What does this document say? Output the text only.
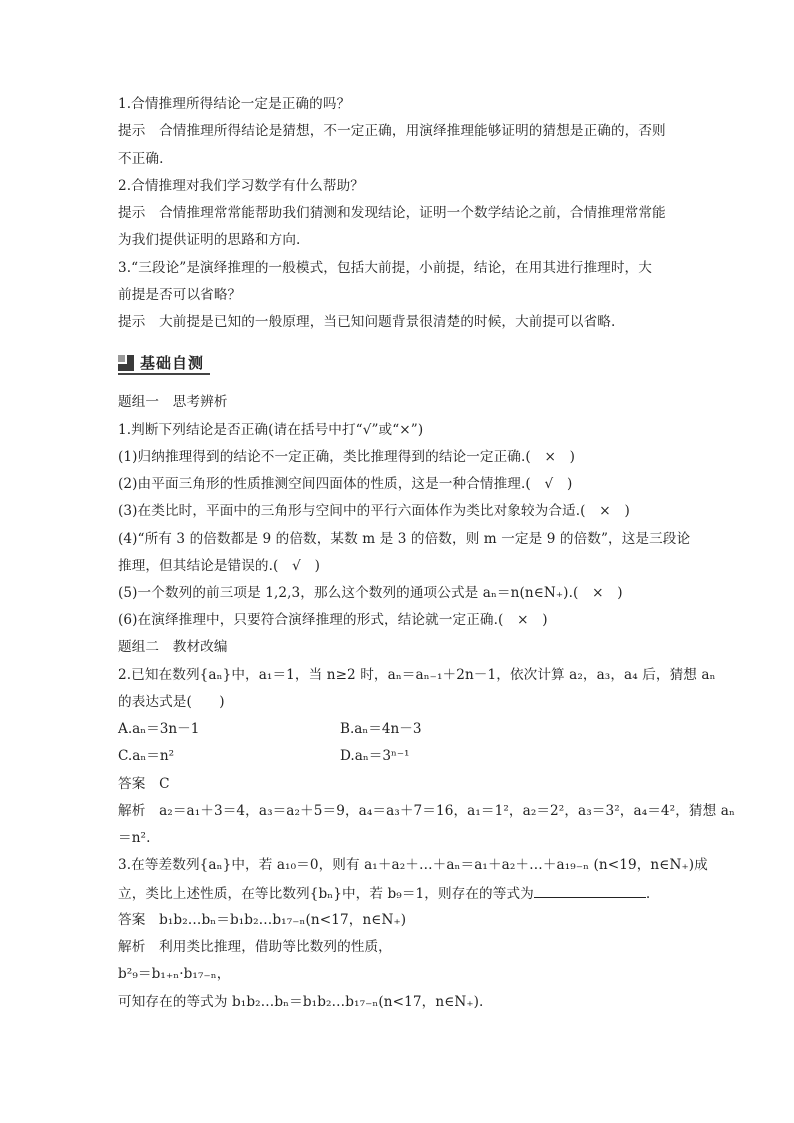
1.合情推理所得结论一定是正确的吗？
提示　合情推理所得结论是猜想，不一定正确，用演绎推理能够证明的猜想是正确的，否则
不正确.
2.合情推理对我们学习数学有什么帮助？
提示　合情推理常常能帮助我们猜测和发现结论，证明一个数学结论之前，合情推理常常能
为我们提供证明的思路和方向.
3.“三段论”是演绎推理的一般模式，包括大前提，小前提，结论，在用其进行推理时，大
前提是否可以省略？
提示　大前提是已知的一般原理，当已知问题背景很清楚的时候，大前提可以省略.
基础自测
题组一　思考辨析
1.判断下列结论是否正确(请在括号中打“√”或“×”)
(1)归纳推理得到的结论不一定正确，类比推理得到的结论一定正确.(　×　)
(2)由平面三角形的性质推测空间四面体的性质，这是一种合情推理.(　√　)
(3)在类比时，平面中的三角形与空间中的平行六面体作为类比对象较为合适.(　×　)
(4)“所有 3 的倍数都是 9 的倍数，某数 m 是 3 的倍数，则 m 一定是 9 的倍数”，这是三段论
推理，但其结论是错误的.(　√　)
(5)一个数列的前三项是 1,2,3，那么这个数列的通项公式是 aₙ＝n(n∈N₊).(　×　)
(6)在演绎推理中，只要符合演绎推理的形式，结论就一定正确.(　×　)
题组二　教材改编
2.已知在数列{aₙ}中，a₁＝1，当 n≥2 时，aₙ＝aₙ₋₁＋2n－1，依次计算 a₂，a₃，a₄ 后，猜想 aₙ
的表达式是(　　)
A.aₙ＝3n－1	B.aₙ＝4n－3
C.aₙ＝n²	D.aₙ＝3ⁿ⁻¹
答案　C
解析　a₂＝a₁＋3＝4，a₃＝a₂＋5＝9，a₄＝a₃＋7＝16，a₁＝1²，a₂＝2²，a₃＝3²，a₄＝4²，猜想 aₙ
＝n².
3.在等差数列{aₙ}中，若 a₁₀＝0，则有 a₁＋a₂＋…＋aₙ＝a₁＋a₂＋…＋a₁₉₋ₙ (n<19，n∈N₊)成
立，类比上述性质，在等比数列{bₙ}中，若 b₉＝1，则存在的等式为	.
答案　b₁b₂…bₙ＝b₁b₂…b₁₇₋ₙ(n<17，n∈N₊)
解析　利用类比推理，借助等比数列的性质，
b²₉＝b₁₊ₙ·b₁₇₋ₙ，
可知存在的等式为 b₁b₂…bₙ＝b₁b₂…b₁₇₋ₙ(n<17，n∈N₊).
